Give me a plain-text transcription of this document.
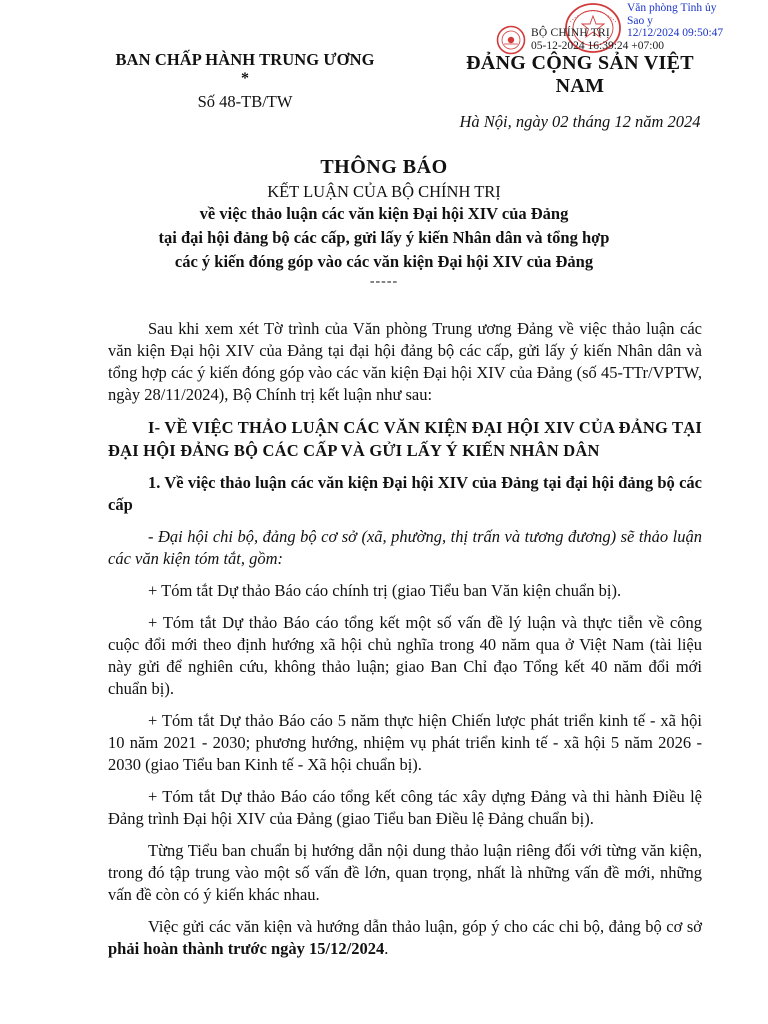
BAN CHẤP HÀNH TRUNG ƯƠNG
*
Số 48-TB/TW
BỘ CHÍNH TRỊ
05-12-2024 16:39:24 +07:00
Văn phòng Tỉnh ủy
Sao y
12/12/2024 09:50:47
ĐẢNG CỘNG SẢN VIỆT NAM
Hà Nội, ngày 02 tháng 12 năm 2024
THÔNG BÁO
KẾT LUẬN CỦA BỘ CHÍNH TRỊ
về việc thảo luận các văn kiện Đại hội XIV của Đảng
tại đại hội đảng bộ các cấp, gửi lấy ý kiến Nhân dân và tổng hợp
các ý kiến đóng góp vào các văn kiện Đại hội XIV của Đảng
-----

Sau khi xem xét Tờ trình của Văn phòng Trung ương Đảng về việc thảo luận các văn kiện Đại hội XIV của Đảng tại đại hội đảng bộ các cấp, gửi lấy ý kiến Nhân dân và tổng hợp các ý kiến đóng góp vào các văn kiện Đại hội XIV của Đảng (số 45-TTr/VPTW, ngày 28/11/2024), Bộ Chính trị kết luận như sau:

I- VỀ VIỆC THẢO LUẬN CÁC VĂN KIỆN ĐẠI HỘI XIV CỦA ĐẢNG TẠI ĐẠI HỘI ĐẢNG BỘ CÁC CẤP VÀ GỬI LẤY Ý KIẾN NHÂN DÂN

1. Về việc thảo luận các văn kiện Đại hội XIV của Đảng tại đại hội đảng bộ các cấp

- Đại hội chi bộ, đảng bộ cơ sở (xã, phường, thị trấn và tương đương) sẽ thảo luận các văn kiện tóm tắt, gồm:

+ Tóm tắt Dự thảo Báo cáo chính trị (giao Tiểu ban Văn kiện chuẩn bị).

+ Tóm tắt Dự thảo Báo cáo tổng kết một số vấn đề lý luận và thực tiễn về công cuộc đổi mới theo định hướng xã hội chủ nghĩa trong 40 năm qua ở Việt Nam (tài liệu này gửi để nghiên cứu, không thảo luận; giao Ban Chỉ đạo Tổng kết 40 năm đổi mới chuẩn bị).

+ Tóm tắt Dự thảo Báo cáo 5 năm thực hiện Chiến lược phát triển kinh tế - xã hội 10 năm 2021 - 2030; phương hướng, nhiệm vụ phát triển kinh tế - xã hội 5 năm 2026 - 2030 (giao Tiểu ban Kinh tế - Xã hội chuẩn bị).

+ Tóm tắt Dự thảo Báo cáo tổng kết công tác xây dựng Đảng và thi hành Điều lệ Đảng trình Đại hội XIV của Đảng (giao Tiểu ban Điều lệ Đảng chuẩn bị).

Từng Tiểu ban chuẩn bị hướng dẫn nội dung thảo luận riêng đối với từng văn kiện, trong đó tập trung vào một số vấn đề lớn, quan trọng, nhất là những vấn đề mới, những vấn đề còn có ý kiến khác nhau.

Việc gửi các văn kiện và hướng dẫn thảo luận, góp ý cho các chi bộ, đảng bộ cơ sở phải hoàn thành trước ngày 15/12/2024.
